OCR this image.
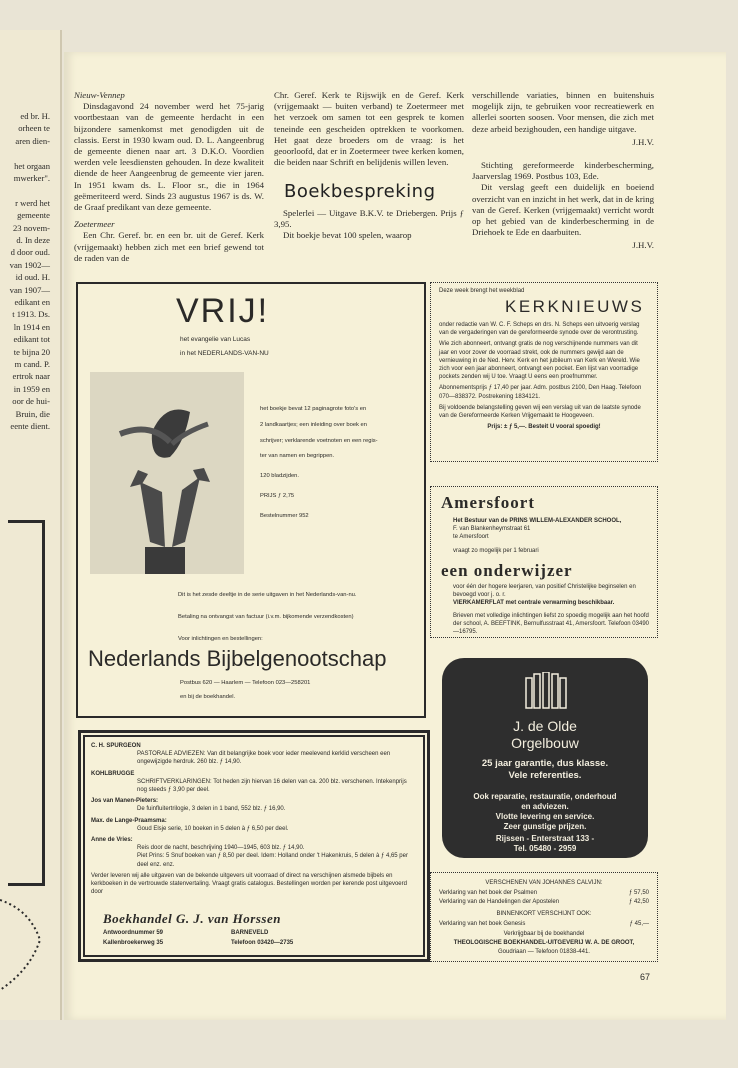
ed br. H.

orheen te

aren dien-

het orgaan

mwerker".

r werd het

gemeente

23 novem-

d. In deze

d door oud.

van 1902—

id oud. H.

van 1907—

edikant en

t 1913. Ds.

ln 1914 en

edikant tot

te bijna 20

m cand. P.

ertrok naar

in 1959 en

oor de hui-

Bruin, die

eente dient.

Nieuw-Vennep

Dinsdagavond 24 november werd het 75-jarig voortbestaan van de gemeente herdacht in een bijzondere samenkomst met genodigden uit de classis. Eerst in 1930 kwam oud. D. L. Aangeenbrug de gemeente dienen naar art. 3 D.K.O. Voordien werden vele leesdiensten gehouden. In deze kwaliteit diende de heer Aangeenbrug de gemeente vier jaren. In 1951 kwam ds. L. Floor sr., die in 1964 geëmeriteerd werd. Sinds 23 augustus 1967 is ds. W. de Graaf predikant van deze gemeente.

Zoetermeer

Een Chr. Geref. br. en een br. uit de Geref. Kerk (vrijgemaakt) hebben zich met een brief gewend tot de raden van de

Chr. Geref. Kerk te Rijswijk en de Geref. Kerk (vrijgemaakt — buiten verband) te Zoetermeer met het verzoek om samen tot een gesprek te komen teneinde een gescheiden optrekken te voorkomen. Het gaat deze broeders om de vraag: is het geoorloofd, dat er in Zoetermeer twee kerken komen, die beiden naar Schrift en belijdenis willen leven.

Boekbespreking

Spelerlei — Uitgave B.K.V. te Driebergen. Prijs ƒ 3,95.

Dit boekje bevat 100 spelen, waarop

verschillende variaties, binnen en buitenshuis mogelijk zijn, te gebruiken voor recreatiewerk en allerlei soorten soosen. Voor mensen, die zich met deze arbeid bezighouden, een handige uitgave.

J.H.V.

Stichting gereformeerde kinderbescherming, Jaarverslag 1969. Postbus 103, Ede.

Dit verslag geeft een duidelijk en boeiend overzicht van en inzicht in het werk, dat in de kring van de Geref. Kerken (vrijgemaakt) verricht wordt op het gebied van de kinderbescherming in de Driehoek te Ede en daarbuiten.

J.H.V.

VRIJ!
het evangelie van Lucas
in het NEDERLANDS-VAN-NU
het boekje bevat 12 paginagrote foto's en
2 landkaartjes; een inleiding over boek en
schrijver; verklarende voetnoten en een regis-
ter van namen en begrippen.
120 bladzijden.
PRIJS ƒ 2,75
Bestelnummer 952
Dit is het zesde deeltje in de serie uitgaven in het Nederlands-van-nu.
Betaling na ontvangst van factuur (i.v.m. bijkomende verzendkosten)
Voor inlichtingen en bestellingen:
Nederlands Bijbelgenootschap
Postbus 620 — Haarlem — Telefoon 023—258201
en bij de boekhandel.
Deze week brengt het weekblad
KERKNIEUWS
onder redactie van W. C. F. Scheps en drs. N. Scheps een uitvoerig verslag van de vergaderingen van de gereformeerde synode over de verontrusting.
Wie zich abonneert, ontvangt gratis de nog verschijnende nummers van dit jaar en voor zover de voorraad strekt, ook de nummers gewijd aan de vernieuwing in de Ned. Herv. Kerk en het jubileum van Kerk en Wereld. Wie zich voor een jaar abonneert, ontvangt een pocket. Een lijst van voorradige pockets zenden wij U toe. Vraagt U eens een proefnummer.
Abonnementsprijs ƒ 17,40 per jaar. Adm. postbus 2100, Den Haag. Telefoon 070—838372. Postrekening 1834121.
Bij voldoende belangstelling geven wij een verslag uit van de laatste synode van de Gereformeerde Kerken Vrijgemaakt te Hoogeveen.
Prijs: ± ƒ 5,—. Besteit U vooral spoedig!
Amersfoort
Het Bestuur van de PRINS WILLEM-ALEXANDER SCHOOL,
F. van Blankenheymstraat 61
te Amersfoort
vraagt zo mogelijk per 1 februari
een onderwijzer
voor één der hogere leerjaren, van positief Christelijke beginselen en bevoegd voor j. o. r.
VIERKAMERFLAT met centrale verwarming beschikbaar.
Brieven met volledige inlichtingen liefst zo spoedig mogelijk aan het hoofd der school, A. BEEFTINK, Bernulfusstraat 41, Amersfoort. Telefoon 03490—16795.
J. de Olde
Orgelbouw
25 jaar garantie, dus klasse.
Vele referenties.
Ook reparatie, restauratie, onderhoud
en adviezen.
Vlotte levering en service.
Zeer gunstige prijzen.
Rijssen - Enterstraat 133 -
Tel. 05480 - 2959
C. H. SPURGEON
PASTORALE ADVIEZEN: Van dit belangrijke boek voor ieder meelevend kerklid verscheen een ongewijzigde herdruk. 260 blz. ƒ 14,90.
KOHLBRUGGE
SCHRIFTVERKLARINGEN: Tot heden zijn hiervan 16 delen van ca. 200 blz. verschenen. Intekenprijs nog steeds ƒ 3,90 per deel.
Jos van Manen-Pieters:
De fuinfluitertrilogie, 3 delen in 1 band, 552 blz. ƒ 16,90.
Max. de Lange-Praamsma:
Goud Elsje serie, 10 boeken in 5 delen à ƒ 6,50 per deel.
Anne de Vries:
Reis door de nacht, beschrijving 1940—1945, 603 blz. ƒ 14,90.
Piet Prins: 5 Snuf boeken van ƒ 8,50 per deel. Idem: Holland onder 't Hakenkruis, 5 delen à ƒ 4,65 per deel enz. enz.
Verder leveren wij alle uitgaven van de bekende uitgevers uit voorraad of direct na verschijnen alsmede bijbels en kerkboeken in de vertrouwde statenvertaling. Vraagt gratis catalogus. Bestellingen worden per kerende post uitgevoerd door
Boekhandel G. J. van Horssen
Antwoordnummer 59	BARNEVELD
Kallenbroekerweg 35	Telefoon 03420—2735
VERSCHENEN VAN JOHANNES CALVIJN:
Verklaring van het boek der Psalmen	ƒ 57,50
Verklaring van de Handelingen der Apostelen	ƒ 42,50
BINNENKORT VERSCHIJNT OOK:
Verklaring van het boek Genesis	ƒ 45,—
Verkrijgbaar bij de boekhandel
THEOLOGISCHE BOEKHANDEL-UITGEVERIJ W. A. DE GROOT,
Goudriaan — Telefoon 01838-441.
67
